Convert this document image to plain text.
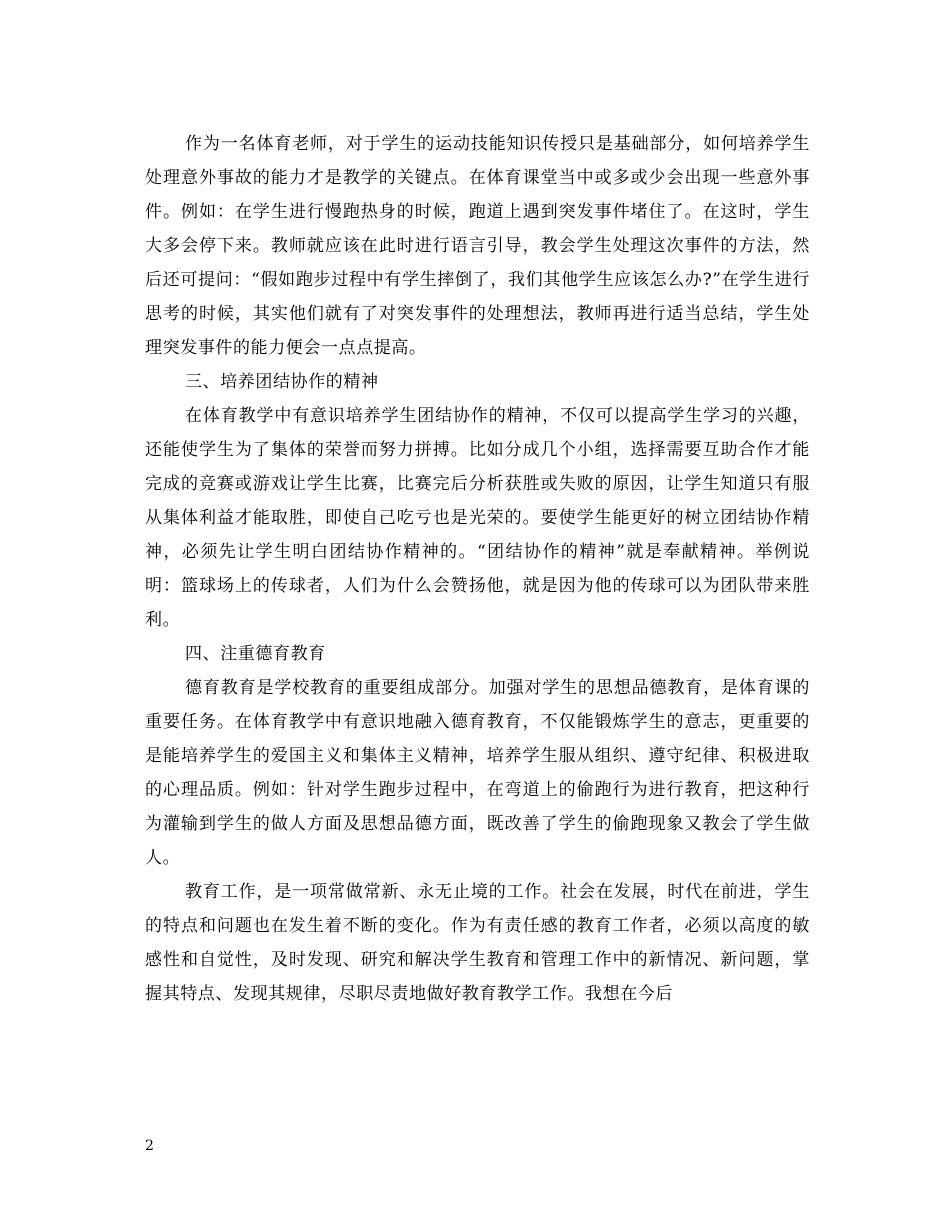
作为一名体育老师，对于学生的运动技能知识传授只是基础部分，如何培养学生处理意外事故的能力才是教学的关键点。在体育课堂当中或多或少会出现一些意外事件。例如：在学生进行慢跑热身的时候，跑道上遇到突发事件堵住了。在这时，学生大多会停下来。教师就应该在此时进行语言引导，教会学生处理这次事件的方法，然后还可提问：“假如跑步过程中有学生摔倒了，我们其他学生应该怎么办?”在学生进行思考的时候，其实他们就有了对突发事件的处理想法，教师再进行适当总结，学生处理突发事件的能力便会一点点提高。

三、培养团结协作的精神

在体育教学中有意识培养学生团结协作的精神，不仅可以提高学生学习的兴趣，还能使学生为了集体的荣誉而努力拼搏。比如分成几个小组，选择需要互助合作才能完成的竞赛或游戏让学生比赛，比赛完后分析获胜或失败的原因，让学生知道只有服从集体利益才能取胜，即使自己吃亏也是光荣的。要使学生能更好的树立团结协作精神，必须先让学生明白团结协作精神的。“团结协作的精神”就是奉献精神。举例说明：篮球场上的传球者，人们为什么会赞扬他，就是因为他的传球可以为团队带来胜利。

四、注重德育教育

德育教育是学校教育的重要组成部分。加强对学生的思想品德教育，是体育课的重要任务。在体育教学中有意识地融入德育教育，不仅能锻炼学生的意志，更重要的是能培养学生的爱国主义和集体主义精神，培养学生服从组织、遵守纪律、积极进取的心理品质。例如：针对学生跑步过程中，在弯道上的偷跑行为进行教育，把这种行为灌输到学生的做人方面及思想品德方面，既改善了学生的偷跑现象又教会了学生做人。

教育工作，是一项常做常新、永无止境的工作。社会在发展，时代在前进，学生的特点和问题也在发生着不断的变化。作为有责任感的教育工作者，必须以高度的敏感性和自觉性，及时发现、研究和解决学生教育和管理工作中的新情况、新问题，掌握其特点、发现其规律，尽职尽责地做好教育教学工作。我想在今后

2
